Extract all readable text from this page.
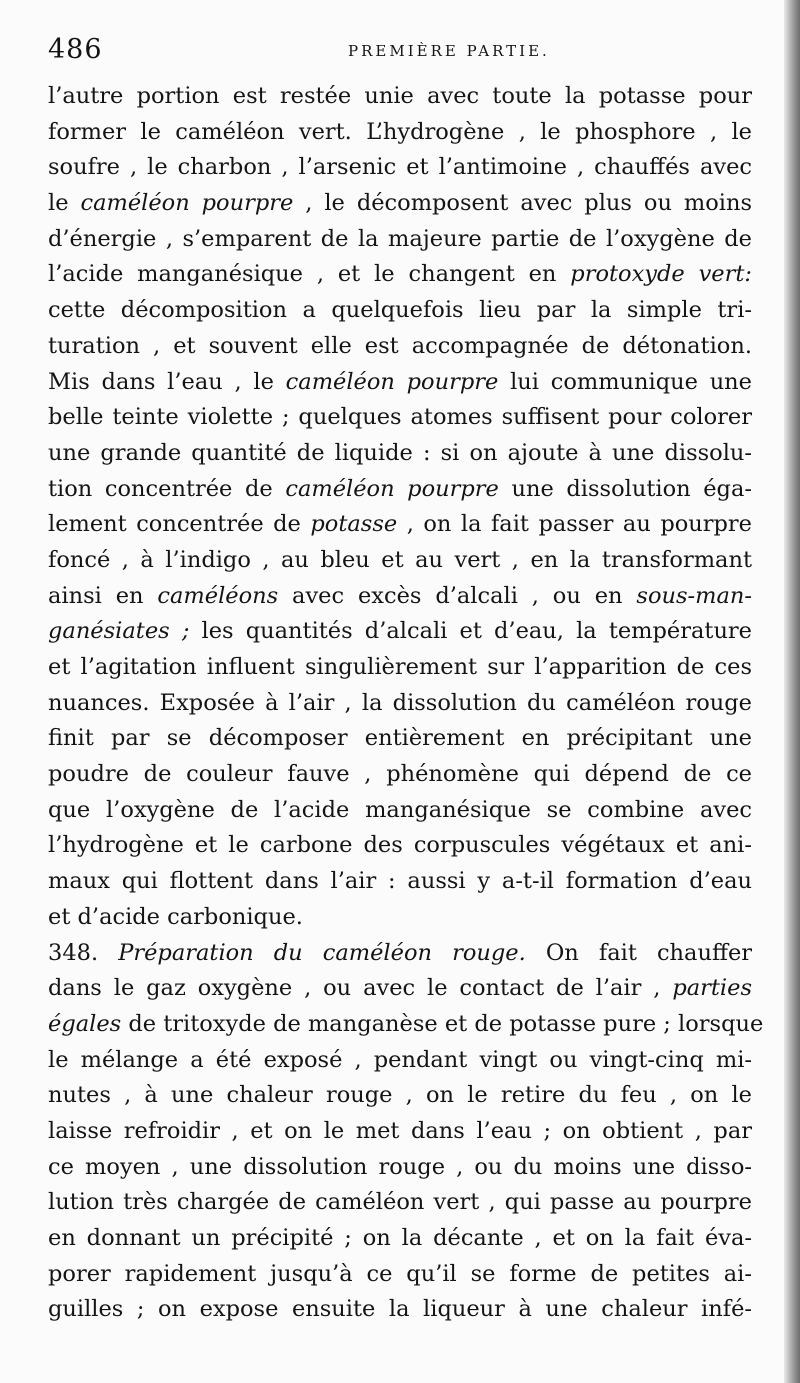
486	PREMIÈRE PARTIE.
l’autre portion est restée unie avec toute la potasse pour
former le caméléon vert. L’hydrogène , le phosphore , le
soufre , le charbon , l’arsenic et l’antimoine , chauffés avec
le caméléon pourpre , le décomposent avec plus ou moins
d’énergie , s’emparent de la majeure partie de l’oxygène de
l’acide manganésique , et le changent en protoxyde vert:
cette décomposition a quelquefois lieu par la simple tri-
turation , et souvent elle est accompagnée de détonation.
Mis dans l’eau , le caméléon pourpre lui communique une
belle teinte violette ; quelques atomes suffisent pour colorer
une grande quantité de liquide : si on ajoute à une dissolu-
tion concentrée de caméléon pourpre une dissolution éga-
lement concentrée de potasse , on la fait passer au pourpre
foncé , à l’indigo , au bleu et au vert , en la transformant
ainsi en caméléons avec excès d’alcali , ou en sous-man-
ganésiates ; les quantités d’alcali et d’eau, la température
et l’agitation influent singulièrement sur l’apparition de ces
nuances. Exposée à l’air , la dissolution du caméléon rouge
finit par se décomposer entièrement en précipitant une
poudre de couleur fauve , phénomène qui dépend de ce
que l’oxygène de l’acide manganésique se combine avec
l’hydrogène et le carbone des corpuscules végétaux et ani-
maux qui flottent dans l’air : aussi y a-t-il formation d’eau
et d’acide carbonique.
348. Préparation du caméléon rouge. On fait chauffer
dans le gaz oxygène , ou avec le contact de l’air , parties
égales de tritoxyde de manganèse et de potasse pure ; lorsque
le mélange a été exposé , pendant vingt ou vingt-cinq mi-
nutes , à une chaleur rouge , on le retire du feu , on le
laisse refroidir , et on le met dans l’eau ; on obtient , par
ce moyen , une dissolution rouge , ou du moins une disso-
lution très chargée de caméléon vert , qui passe au pourpre
en donnant un précipité ; on la décante , et on la fait éva-
porer rapidement jusqu’à ce qu’il se forme de petites ai-
guilles ; on expose ensuite la liqueur à une chaleur infé-
